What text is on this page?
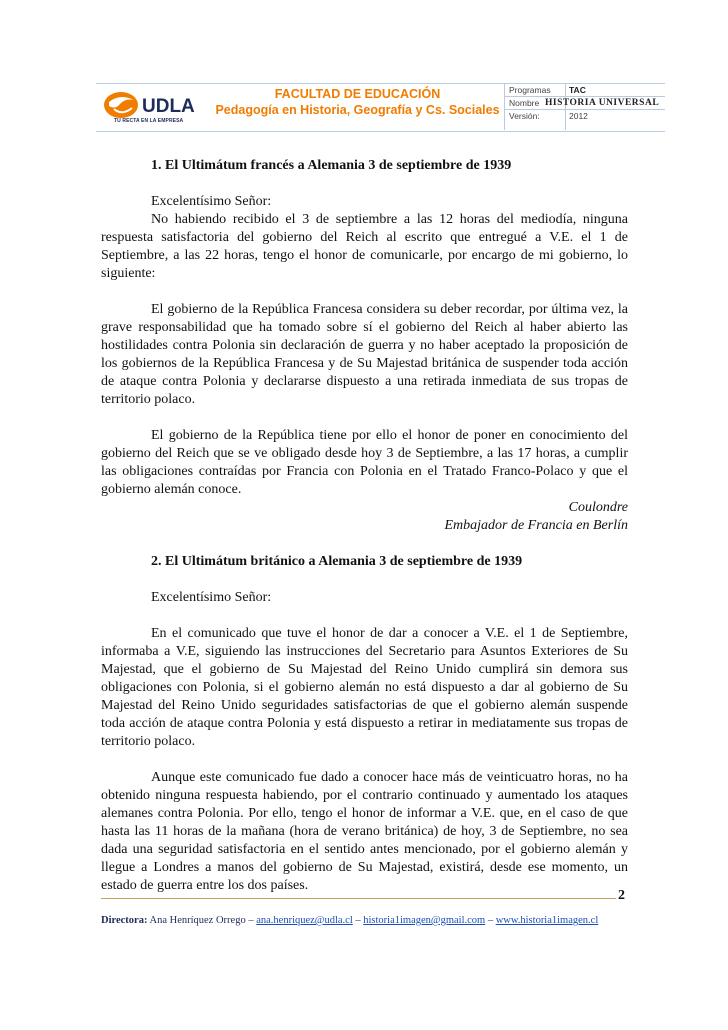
UDLA
TU RECTA EN LA EMPRESA
FACULTAD DE EDUCACIÓN
Pedagogía en Historia, Geografía y Cs. Sociales
Programas TAC
Nombre HISTORIA UNIVERSAL
Versión:	2012

1. El Ultimátum francés a Alemania 3 de septiembre de 1939

Excelentísimo Señor:

No habiendo recibido el 3 de septiembre a las 12 horas del mediodía, ninguna respuesta satisfactoria del gobierno del Reich al escrito que entregué a V.E. el 1 de Septiembre, a las 22 horas, tengo el honor de comunicarle, por encargo de mi gobierno, lo siguiente:

El gobierno de la República Francesa considera su deber recordar, por última vez, la grave responsabilidad que ha tomado sobre sí el gobierno del Reich al haber abierto las hostilidades contra Polonia sin declaración de guerra y no haber aceptado la proposición de los gobiernos de la República Francesa y de Su Majestad británica de suspender toda acción de ataque contra Polonia y declararse dispuesto a una retirada inmediata de sus tropas de territorio polaco.

El gobierno de la República tiene por ello el honor de poner en conocimiento del gobierno del Reich que se ve obligado desde hoy 3 de Septiembre, a las 17 horas, a cumplir las obligaciones contraídas por Francia con Polonia en el Tratado Franco-Polaco y que el gobierno alemán conoce.

Coulondre

Embajador de Francia en Berlín

2. El Ultimátum británico a Alemania 3 de septiembre de 1939

Excelentísimo Señor:

En el comunicado que tuve el honor de dar a conocer a V.E. el 1 de Septiembre, informaba a V.E, siguiendo las instrucciones del Secretario para Asuntos Exteriores de Su Majestad, que el gobierno de Su Majestad del Reino Unido cumplirá sin demora sus obligaciones con Polonia, si el gobierno alemán no está dispuesto a dar al gobierno de Su Majestad del Reino Unido seguridades satisfactorias de que el gobierno alemán suspende toda acción de ataque contra Polonia y está dispuesto a retirar in mediatamente sus tropas de territorio polaco.

Aunque este comunicado fue dado a conocer hace más de veinticuatro horas, no ha obtenido ninguna respuesta habiendo, por el contrario continuado y aumentado los ataques alemanes contra Polonia. Por ello, tengo el honor de informar a V.E. que, en el caso de que hasta las 11 horas de la mañana (hora de verano británica) de hoy, 3 de Septiembre, no sea dada una seguridad satisfactoria en el sentido antes mencionado, por el gobierno alemán y llegue a Londres a manos del gobierno de Su Majestad, existirá, desde ese momento, un estado de guerra entre los dos países.

2
Directora: Ana Henríquez Orrego – ana.henriquez@udla.cl – historia1imagen@gmail.com – www.historia1imagen.cl
